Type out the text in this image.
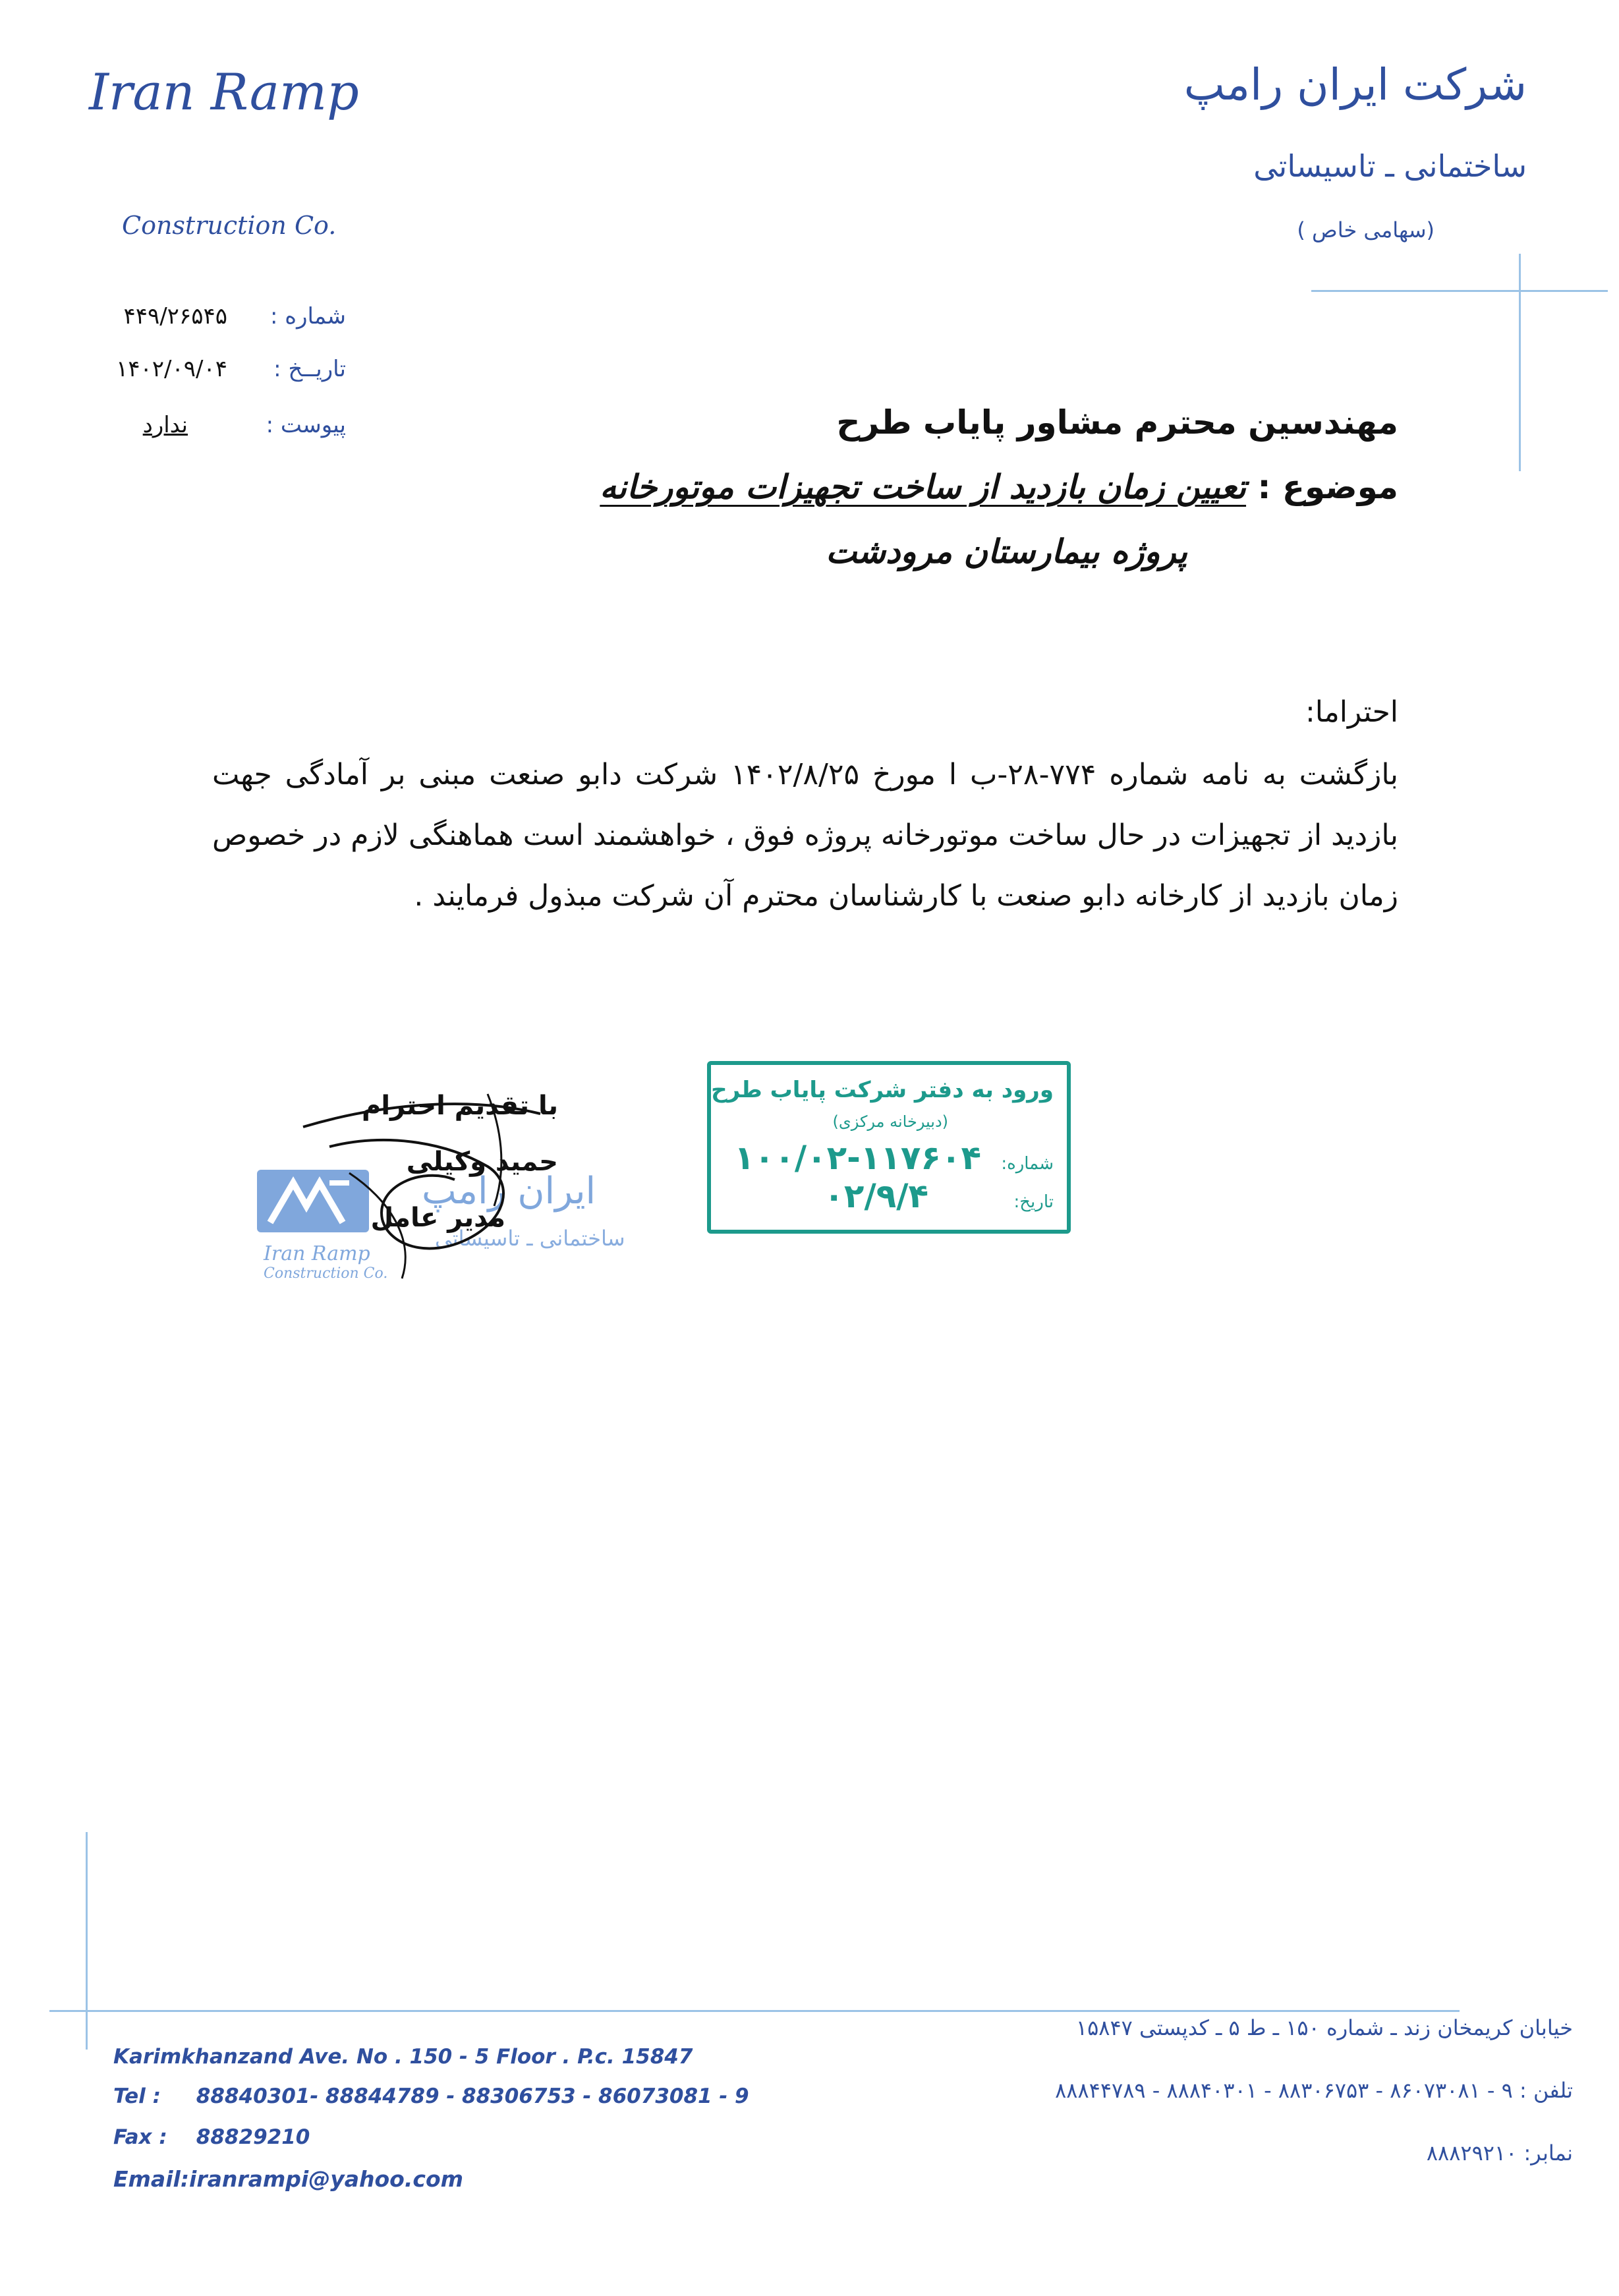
Iran Ramp
Construction Co.
شرکت ایران رامپ
ساختمانی ـ تاسیساتی
(سهامی خاص )
شماره :
۴۴۹/۲۶۵۴۵
تاریــخ :
۱۴۰۲/۰۹/۰۴
پیوست :
ندارد	مهندسین محترم مشاور پایاب طرح
موضوع : تعیین زمان بازدید از ساخت تجهیزات موتورخانه
پروژه بیمارستان مرودشت
احتراما:
بازگشت به نامه شماره ۷۷۴-۲۸-ب ا مورخ ۱۴۰۲/۸/۲۵ شرکت دابو صنعت مبنی بر آمادگی جهت بازدید از تجهیزات در حال ساخت موتورخانه پروژه فوق ، خواهشمند است هماهنگی لازم در خصوص زمان بازدید از کارخانه دابو صنعت با کارشناسان محترم آن شرکت مبذول فرمایند .
ایران رامپ
ساختمانی ـ تاسیساتی
Iran Ramp
Construction Co.
با تقدیم احترام
حمید وکیلی
مدیر عامل
ورود به دفتر شرکت پایاب طرح
(دبیرخانه مرکزی)
شماره:
۱۰۰/۰۲-۱۱۷۶۰۴
تاریخ:
۰۲/۹/۴
Karimkhanzand Ave. No . 150 - 5 Floor . P.c. 15847
Tel : 88840301- 88844789 - 88306753 - 86073081 - 9
Fax : 88829210
Email:iranrampi@yahoo.com
خیابان کریمخان زند ـ شماره ۱۵۰ ـ ط ۵ ـ کدپستی ۱۵۸۴۷
تلفن : ۹ - ۸۶۰۷۳۰۸۱ - ۸۸۳۰۶۷۵۳ - ۸۸۸۴۰۳۰۱ - ۸۸۸۴۴۷۸۹
نمابر: ۸۸۸۲۹۲۱۰
